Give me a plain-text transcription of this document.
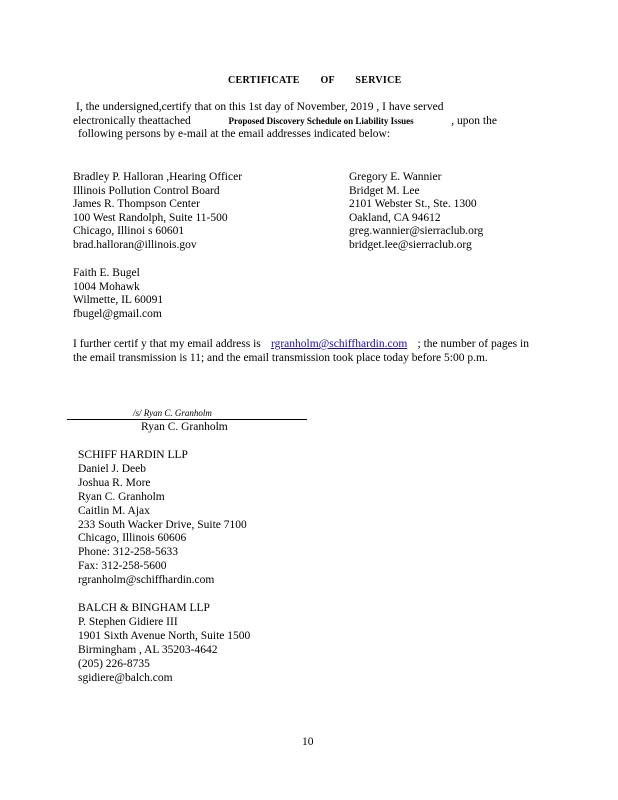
CERTIFICATE OF SERVICE
I, the undersigned,certify that on this 1st day of November, 2019 , I have served
electronically theattached	Proposed Discovery Schedule on Liability Issues	, upon the
following persons by e-mail at the email addresses indicated below:
Bradley P. Halloran ,Hearing Officer
Illinois Pollution Control Board
James R. Thompson Center
100 West Randolph, Suite 11-500
Chicago, Illinoi s 60601
brad.halloran@illinois.gov
Gregory E. Wannier
Bridget M. Lee
2101 Webster St., Ste. 1300
Oakland, CA 94612
greg.wannier@sierraclub.org
bridget.lee@sierraclub.org
Faith E. Bugel
1004 Mohawk
Wilmette, IL 60091
fbugel@gmail.com
I further certif y that my email address is rgranholm@schiffhardin.com ; the number of pages in
the email transmission is 11; and the email transmission took place today before 5:00 p.m.
/s/ Ryan C. Granholm
Ryan C. Granholm
SCHIFF HARDIN LLP
Daniel J. Deeb
Joshua R. More
Ryan C. Granholm
Caitlin M. Ajax
233 South Wacker Drive, Suite 7100
Chicago, Illinois 60606
Phone: 312-258-5633
Fax: 312-258-5600
rgranholm@schiffhardin.com
BALCH & BINGHAM LLP
P. Stephen Gidiere III
1901 Sixth Avenue North, Suite 1500
Birmingham , AL 35203-4642
(205) 226-8735
sgidiere@balch.com
10
